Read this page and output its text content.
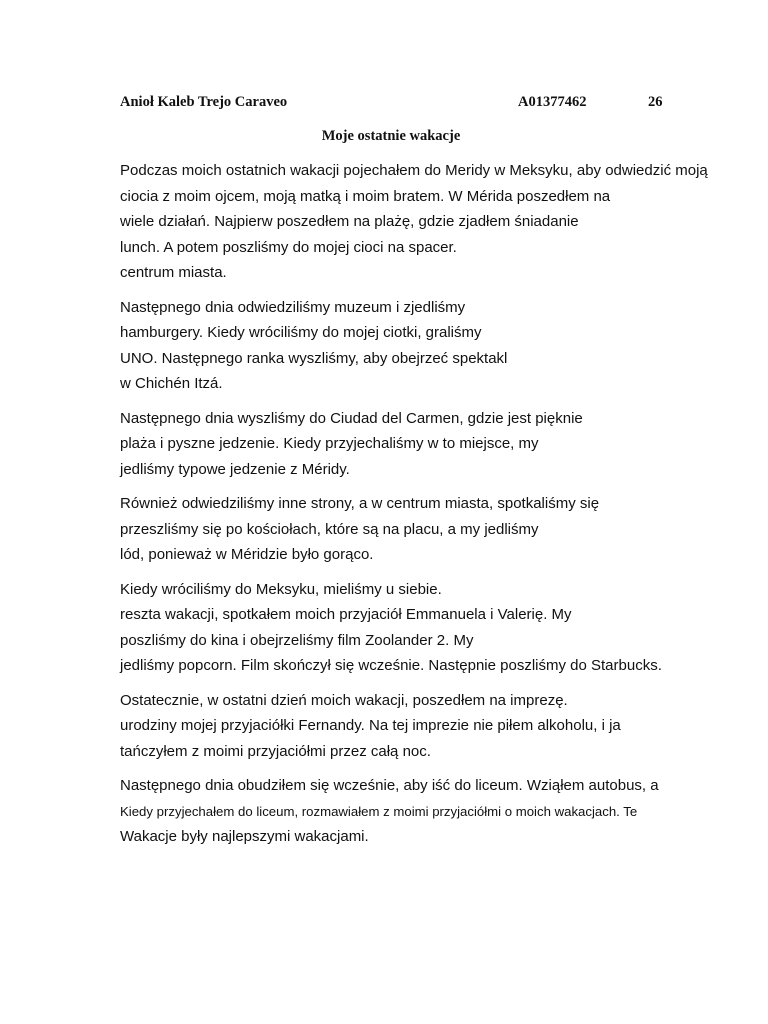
Anioł Kaleb Trejo Caraveo	A01377462	26
Moje ostatnie wakacje

Podczas moich ostatnich wakacji pojechałem do Meridy w Meksyku, aby odwiedzić moją
ciocia z moim ojcem, moją matką i moim bratem. W Mérida poszedłem na
wiele działań. Najpierw poszedłem na plażę, gdzie zjadłem śniadanie
lunch. A potem poszliśmy do mojej cioci na spacer.
centrum miasta.

Następnego dnia odwiedziliśmy muzeum i zjedliśmy
hamburgery. Kiedy wróciliśmy do mojej ciotki, graliśmy
UNO. Następnego ranka wyszliśmy, aby obejrzeć spektakl
w Chichén Itzá.

Następnego dnia wyszliśmy do Ciudad del Carmen, gdzie jest pięknie
plaża i pyszne jedzenie. Kiedy przyjechaliśmy w to miejsce, my
jedliśmy typowe jedzenie z Méridy.

Również odwiedziliśmy inne strony, a w centrum miasta, spotkaliśmy się
przeszliśmy się po kościołach, które są na placu, a my jedliśmy
lód, ponieważ w Méridzie było gorąco.

Kiedy wróciliśmy do Meksyku, mieliśmy u siebie.
reszta wakacji, spotkałem moich przyjaciół Emmanuela i Valerię. My
poszliśmy do kina i obejrzeliśmy film Zoolander 2. My
jedliśmy popcorn. Film skończył się wcześnie. Następnie poszliśmy do Starbucks.

Ostatecznie, w ostatni dzień moich wakacji, poszedłem na imprezę.
urodziny mojej przyjaciółki Fernandy. Na tej imprezie nie piłem alkoholu, i ja
tańczyłem z moimi przyjaciółmi przez całą noc.

Następnego dnia obudziłem się wcześnie, aby iść do liceum. Wziąłem autobus, a
Kiedy przyjechałem do liceum, rozmawiałem z moimi przyjaciółmi o moich wakacjach. Te
Wakacje były najlepszymi wakacjami.
